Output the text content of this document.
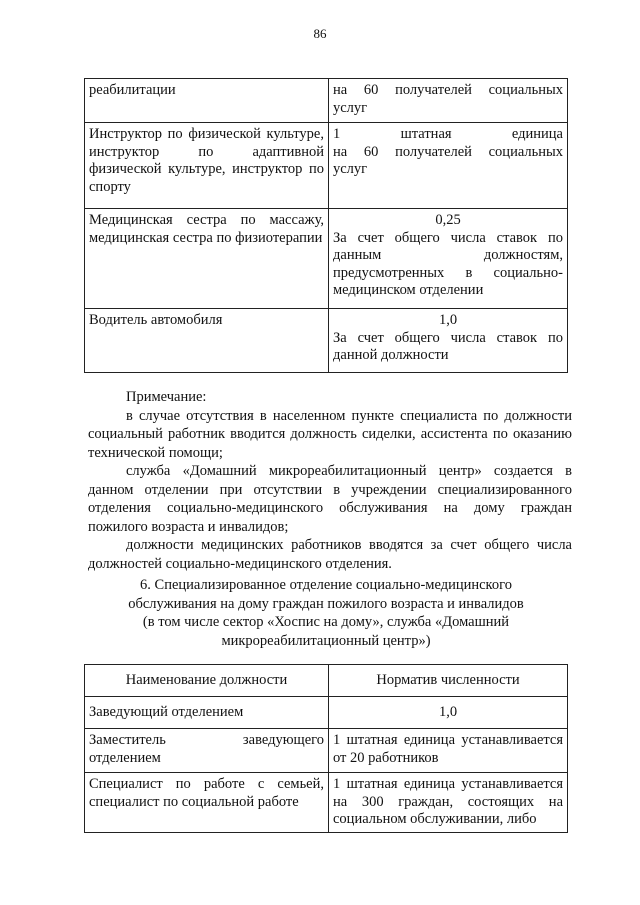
86
реабилитации	на 60 получателей социальных
услуг

Инструктор по физической культуре, инструктор по адаптивной физической культуре, инструктор по спорту	1 штатная единица
на 60 получателей социальных
услуг

Медицинская сестра по массажу, медицинская сестра по физиотерапии	0,25
За счет общего числа ставок по данным должностям, предусмотренных в социально-медицинском отделении
Водитель автомобиля	1,0
За счет общего числа ставок по данной должности

Примечание:

в случае отсутствия в населенном пункте специалиста по должности социальный работник вводится должность сиделки, ассистента по оказанию технической помощи;

служба «Домашний микрореабилитационный центр» создается в данном отделении при отсутствии в учреждении специализированного отделения социально-медицинского обслуживания на дому граждан пожилого возраста и инвалидов;

должности медицинских работников вводятся за счет общего числа должностей социально-медицинского отделения.

6. Специализированное отделение социально-медицинского
обслуживания на дому граждан пожилого возраста и инвалидов
(в том числе сектор «Хоспис на дому», служба «Домашний
микрореабилитационный центр»)
Наименование должности	Норматив численности
Заведующий отделением	1,0

Заместитель заведующего отделением	1 штатная единица устанавливается от 20 работников
Специалист по работе с семьей, специалист по социальной работе	1 штатная единица устанавливается на 300 граждан, состоящих на социальном обслуживании, либо
